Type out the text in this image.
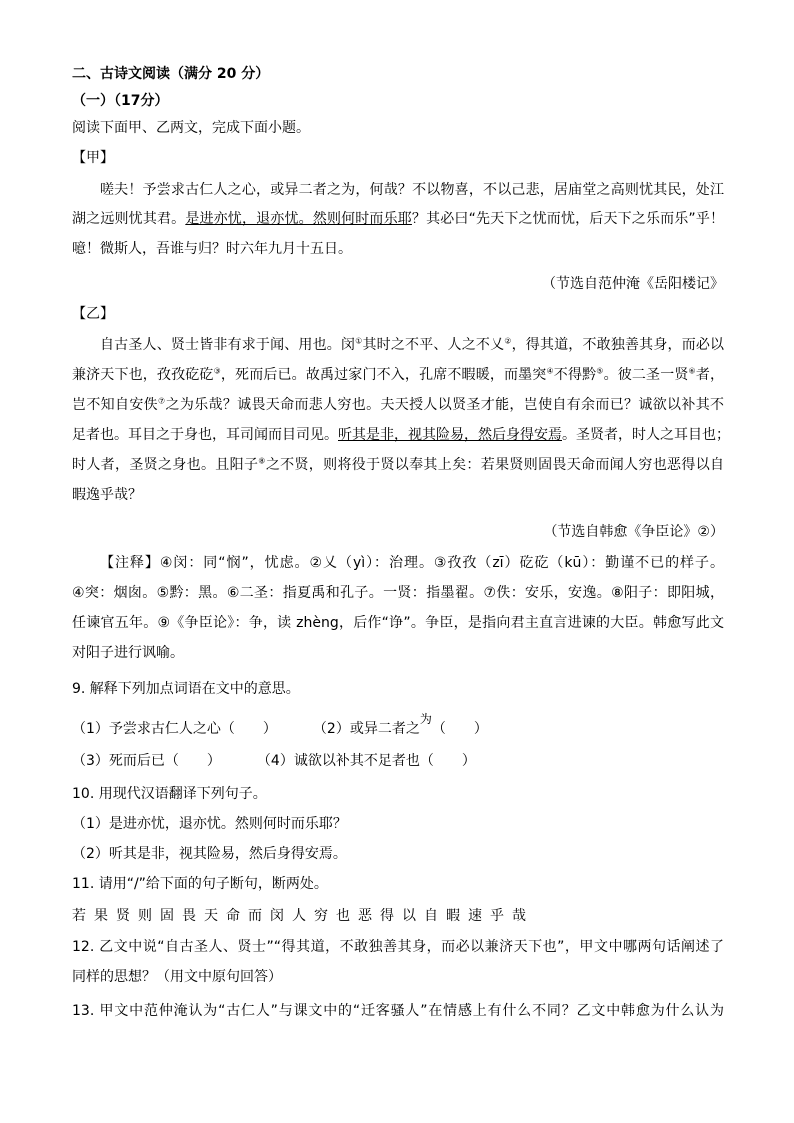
二、古诗文阅读（满分 20 分）
（一）（17分）
阅读下面甲、乙两文，完成下面小题。
【甲】
嗟夫！予尝求古仁人之心，或异二者之为，何哉？不以物喜，不以己悲，居庙堂之高则忧其民，处江
湖之远则忧其君。是进亦忧，退亦忧。然则何时而乐耶？其必曰“先天下之忧而忧，后天下之乐而乐”乎！
噫！微斯人，吾谁与归？时六年九月十五日。
（节选自范仲淹《岳阳楼记》
【乙】
自古圣人、贤士皆非有求于闻、用也。闵①其时之不平、人之不乂②，得其道，不敢独善其身，而必以
兼济天下也，孜孜矻矻③，死而后已。故禹过家门不入，孔席不暇暖，而墨突④不得黔⑤。彼二圣一贤⑥者，
岂不知自安佚⑦之为乐哉？诚畏天命而悲人穷也。夫天授人以贤圣才能，岂使自有余而已？诚欲以补其不
足者也。耳目之于身也，耳司闻而目司见。听其是非，视其险易，然后身得安焉。圣贤者，时人之耳目也；
时人者，圣贤之身也。且阳子⑧之不贤，则将役于贤以奉其上矣：若果贤则固畏天命而闻人穷也恶得以自
暇逸乎哉？
（节选自韩愈《争臣论》②）
【注释】④闵：同“悯”，忧虑。②乂（yì）：治理。③孜孜（zī）矻矻（kū）：勤谨不已的样子。
④突：烟囱。⑤黔：黑。⑥二圣：指夏禹和孔子。一贤：指墨翟。⑦佚：安乐，安逸。⑧阳子：即阳城，
任谏官五年。⑨《争臣论》：争，读 zhèng，后作“诤”。争臣，是指向君主直言进谏的大臣。韩愈写此文
对阳子进行讽喻。
9. 解释下列加点词语在文中的意思。
（1）予尝求古仁人之心（　　）	（2）或异二者之$^为$（　　）
（3）死而后已（　　）	（4）诚欲以补其不足者也（　　）
10. 用现代汉语翻译下列句子。
（1）是进亦忧，退亦忧。然则何时而乐耶？
（2）听其是非，视其险易，然后身得安焉。
11. 请用“/”给下面的句子断句，断两处。
若果贤则固畏天命而闵人穷也恶得以自暇速乎哉
12. 乙文中说“自古圣人、贤士”“得其道，不敢独善其身，而必以兼济天下也”，甲文中哪两句话阐述了
同样的思想？（用文中原句回答）
13. 甲文中范仲淹认为“古仁人”与课文中的“迁客骚人”在情感上有什么不同？乙文中韩愈为什么认为
